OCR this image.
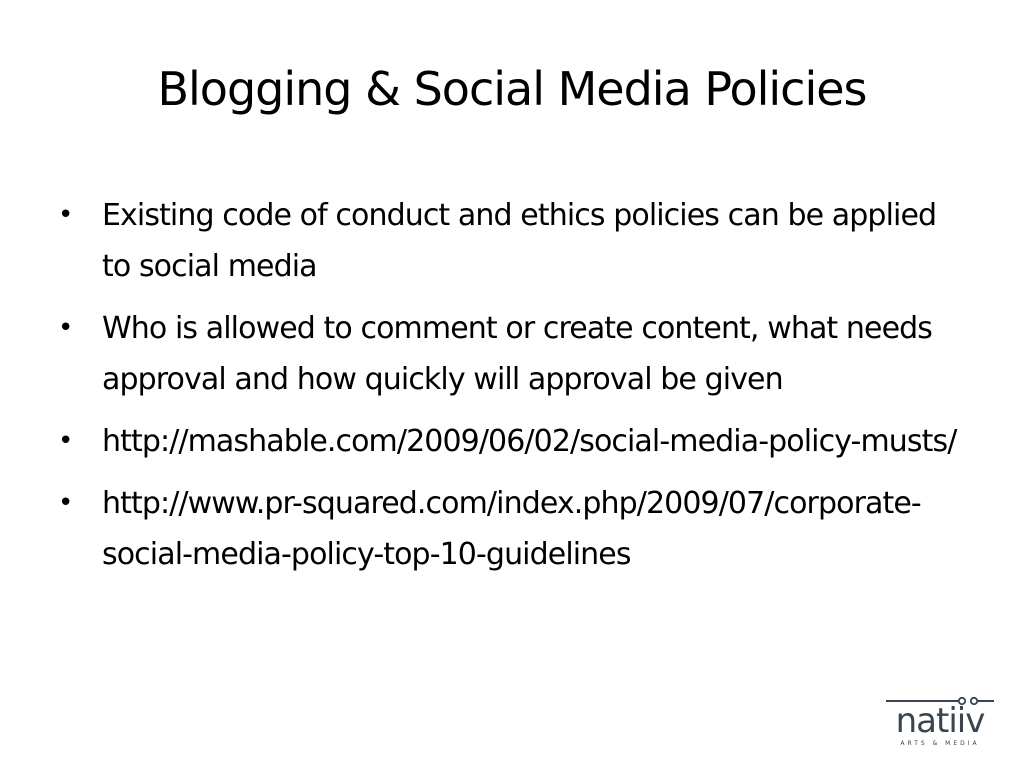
Blogging & Social Media Policies
• Existing code of conduct and ethics policies can be applied to social media
• Who is allowed to comment or create content, what needs approval and how quickly will approval be given
• http://mashable.com/2009/06/02/social-media-policy-musts/
• http://www.pr-squared.com/index.php/2009/07/corporate-social-media-policy-top-10-guidelines
natiiv
ARTS & MEDIA
